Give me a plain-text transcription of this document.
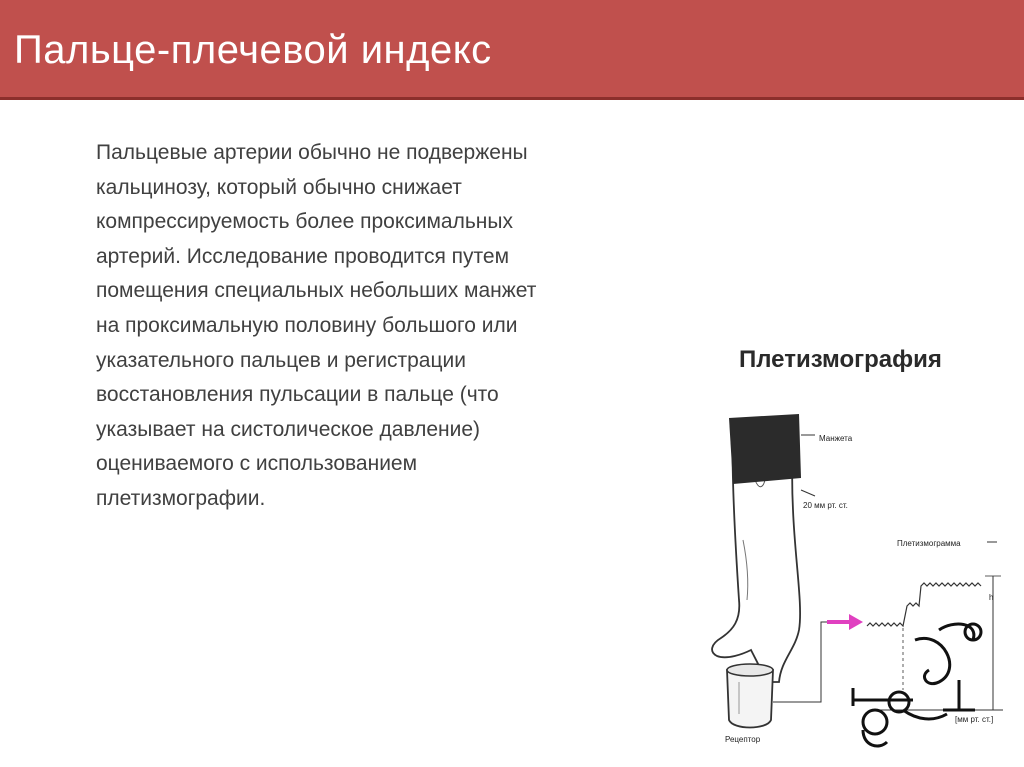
Пальце-плечевой индекс

Пальцевые артерии обычно не подвержены
кальцинозу, который обычно снижает
компрессируемость более проксимальных
артерий. Исследование проводится путем
помещения специальных небольших манжет
на проксимальную половину большого или
указательного пальцев и регистрации
восстановления пульсации в пальце (что
указывает на систолическое давление)
оцениваемого с использованием
плетизмографии.

Плетизмография
Манжета
20 мм рт. ст.
Рецептор
Плетизмограмма
h
[мм рт. ст.]
